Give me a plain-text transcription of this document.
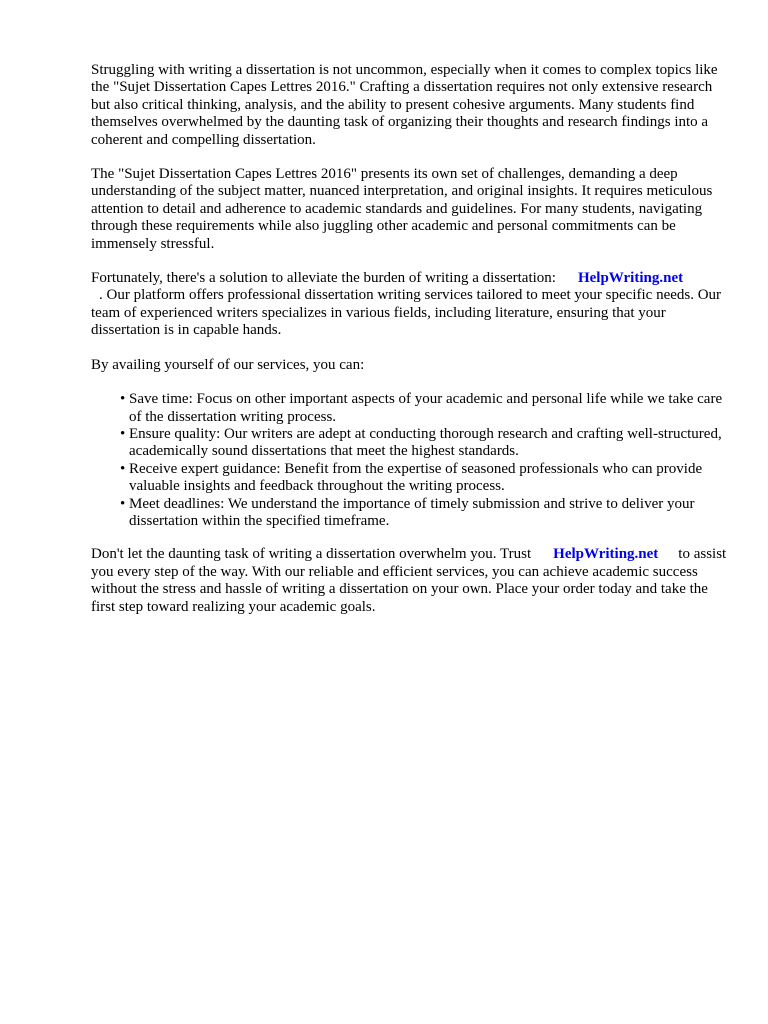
Struggling with writing a dissertation is not uncommon, especially when it comes to complex topics like the "Sujet Dissertation Capes Lettres 2016." Crafting a dissertation requires not only extensive research but also critical thinking, analysis, and the ability to present cohesive arguments. Many students find themselves overwhelmed by the daunting task of organizing their thoughts and research findings into a coherent and compelling dissertation.

The "Sujet Dissertation Capes Lettres 2016" presents its own set of challenges, demanding a deep understanding of the subject matter, nuanced interpretation, and original insights. It requires meticulous attention to detail and adherence to academic standards and guidelines. For many students, navigating through these requirements while also juggling other academic and personal commitments can be immensely stressful.

Fortunately, there's a solution to alleviate the burden of writing a dissertation: HelpWriting.net
. Our platform offers professional dissertation writing services tailored to meet your specific needs. Our team of experienced writers specializes in various fields, including literature, ensuring that your dissertation is in capable hands.

By availing yourself of our services, you can:

• Save time: Focus on other important aspects of your academic and personal life while we take care of the dissertation writing process.
• Ensure quality: Our writers are adept at conducting thorough research and crafting well-structured, academically sound dissertations that meet the highest standards.
• Receive expert guidance: Benefit from the expertise of seasoned professionals who can provide valuable insights and feedback throughout the writing process.
• Meet deadlines: We understand the importance of timely submission and strive to deliver your dissertation within the specified timeframe.

Don't let the daunting task of writing a dissertation overwhelm you. Trust HelpWriting.net to assist you every step of the way. With our reliable and efficient services, you can achieve academic success without the stress and hassle of writing a dissertation on your own. Place your order today and take the first step toward realizing your academic goals.
